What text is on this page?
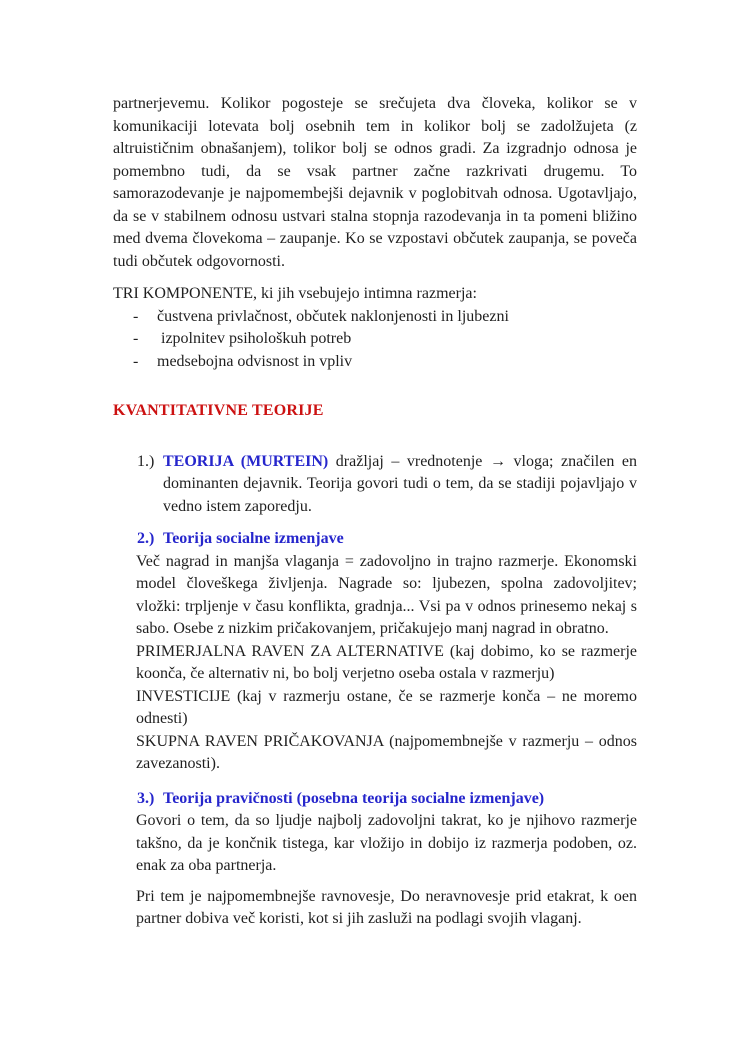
partnerjevemu. Kolikor pogosteje se srečujeta dva človeka, kolikor se v komunikaciji lotevata bolj osebnih tem in kolikor bolj se zadolžujeta (z altruističnim obnašanjem), tolikor bolj se odnos gradi. Za izgradnjo odnosa je pomembno tudi, da se vsak partner začne razkrivati drugemu. To samorazodevanje je najpomembejši dejavnik v poglobitvah odnosa. Ugotavljajo, da se v stabilnem odnosu ustvari stalna stopnja razodevanja in ta pomeni bližino med dvema človekoma – zaupanje. Ko se vzpostavi občutek zaupanja, se poveča tudi občutek odgovornosti.

TRI KOMPONENTE, ki jih vsebujejo intimna razmerja:

-	čustvena privlačnost, občutek naklonjenosti in ljubezni
-	izpolnitev psihološkuh potreb
-	medsebojna odvisnost in vpliv

KVANTITATIVNE TEORIJE

1.) TEORIJA (MURTEIN) dražljaj – vrednotenje → vloga; značilen en dominanten dejavnik. Teorija govori tudi o tem, da se stadiji pojavljajo v vedno istem zaporedju.
2.) Teorija socialne izmenjave

Več nagrad in manjša vlaganja = zadovoljno in trajno razmerje. Ekonomski model človeškega življenja. Nagrade so: ljubezen, spolna zadovoljitev; vložki: trpljenje v času konflikta, gradnja... Vsi pa v odnos prinesemo nekaj s sabo. Osebe z nizkim pričakovanjem, pričakujejo manj nagrad in obratno.

PRIMERJALNA RAVEN ZA ALTERNATIVE (kaj dobimo, ko se razmerje koonča, če alternativ ni, bo bolj verjetno oseba ostala v razmerju)

INVESTICIJE (kaj v razmerju ostane, če se razmerje konča – ne moremo odnesti)

SKUPNA RAVEN PRIČAKOVANJA (najpomembnejše v razmerju – odnos zavezanosti).

3.) Teorija pravičnosti (posebna teorija socialne izmenjave)

Govori o tem, da so ljudje najbolj zadovoljni takrat, ko je njihovo razmerje takšno, da je končnik tistega, kar vložijo in dobijo iz razmerja podoben, oz. enak za oba partnerja.

Pri tem je najpomembnejše ravnovesje, Do neravnovesje prid etakrat, k oen partner dobiva več koristi, kot si jih zasluži na podlagi svojih vlaganj.
